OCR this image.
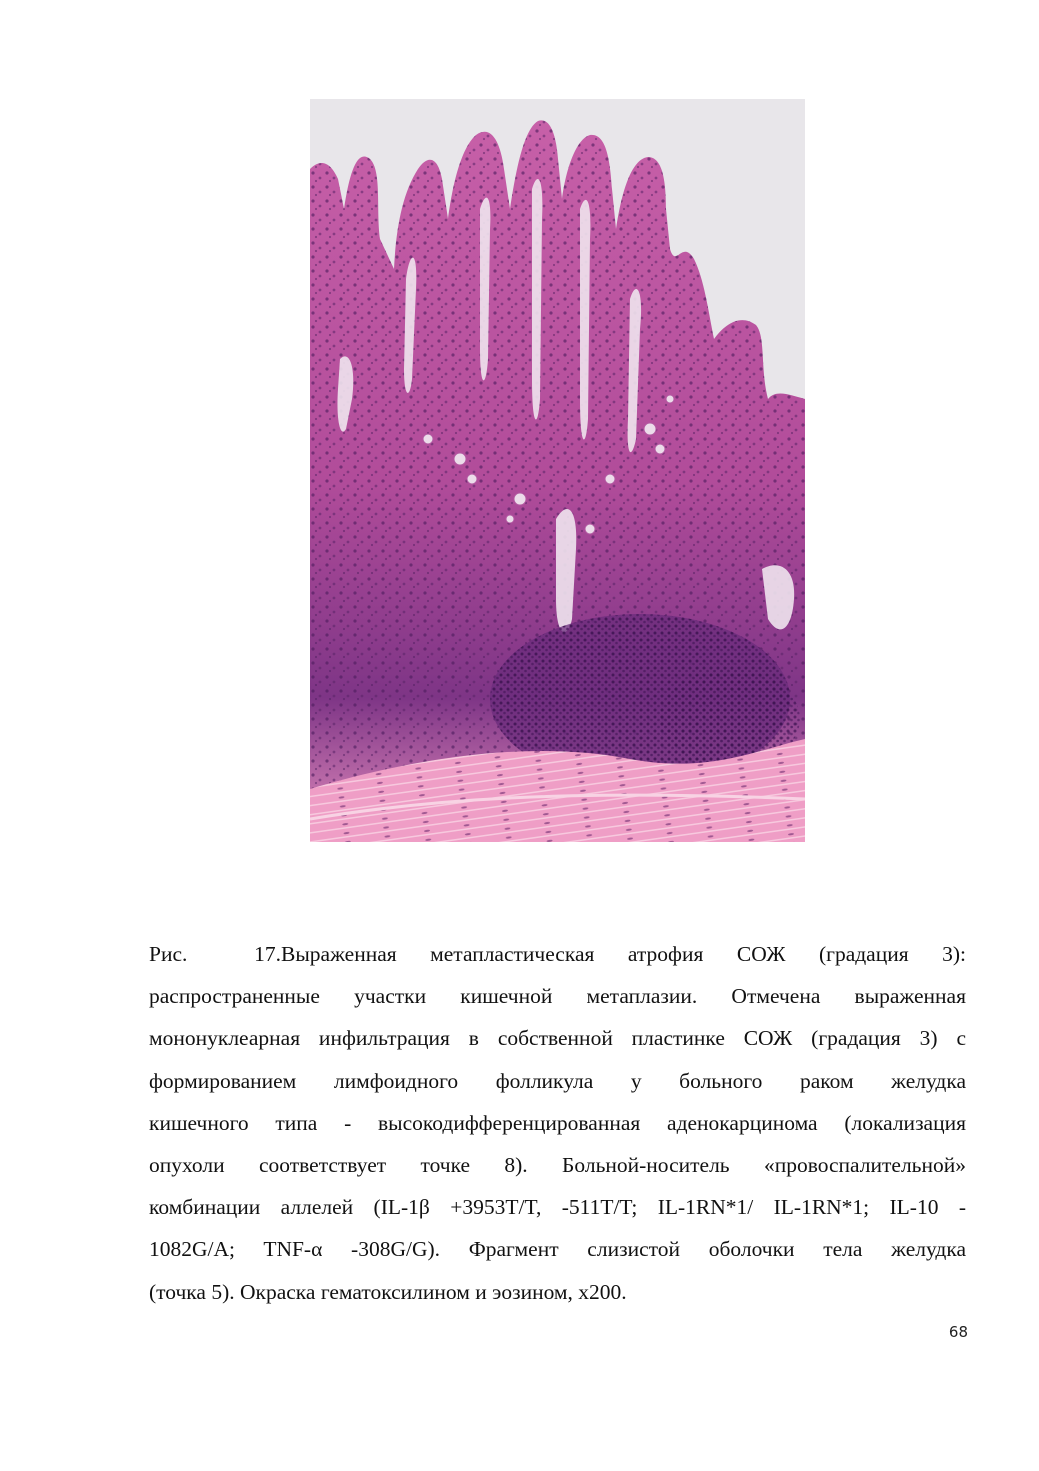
Рис. 17.Выраженная метапластическая атрофия СОЖ (градация 3):
распространенные участки кишечной метаплазии. Отмечена выраженная
мононуклеарная инфильтрация в собственной пластинке СОЖ (градация 3) с
формированием лимфоидного фолликула у больного раком желудка
кишечного типа - высокодифференцированная аденокарцинома (локализация
опухоли соответствует точке 8). Больной-носитель «провоспалительной»
комбинации аллелей (IL-1β +3953T/T, -511T/T; IL-1RN*1/ IL-1RN*1; IL-10 -
1082G/A; TNF-α -308G/G). Фрагмент слизистой оболочки тела желудка
(точка 5). Окраска гематоксилином и эозином, х200.
68
